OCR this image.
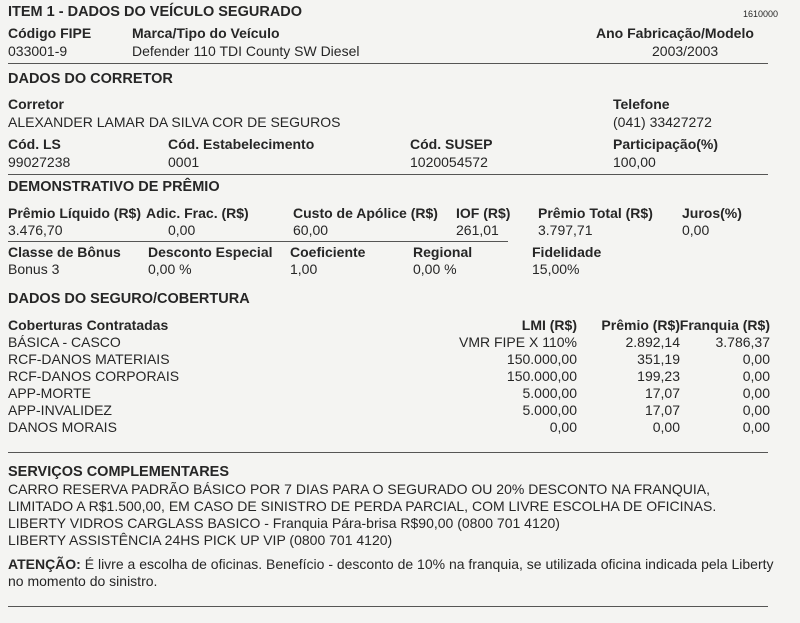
ITEM 1 - DADOS DO VEÍCULO SEGURADO	1610000
Código FIPE
033001-9
Marca/Tipo do Veículo
Defender 110 TDI County SW Diesel
Ano Fabricação/Modelo
2003/2003
DADOS DO CORRETOR
Corretor
ALEXANDER LAMAR DA SILVA COR DE SEGUROS
Telefone
(041) 33427272
Cód. LS
99027238
Cód. Estabelecimento
0001
Cód. SUSEP
1020054572
Participação(%)
100,00
DEMONSTRATIVO DE PRÊMIO
Prêmio Líquido (R$)
3.476,70
Adic. Frac. (R$)
0,00
Custo de Apólice (R$)
60,00
IOF (R$)
261,01
Prêmio Total (R$)
3.797,71
Juros(%)
0,00
Classe de Bônus
Bonus 3
Desconto Especial
0,00 %
Coeficiente
1,00
Regional
0,00 %
Fidelidade
15,00%
DADOS DO SEGURO/COBERTURA
Coberturas Contratadas	LMI (R$) Prêmio (R$) Franquia (R$)
BÁSICA - CASCO	VMR FIPE X 110%	2.892,14	3.786,37
RCF-DANOS MATERIAIS	150.000,00	351,19	0,00
RCF-DANOS CORPORAIS	150.000,00	199,23	0,00
APP-MORTE	5.000,00	17,07	0,00
APP-INVALIDEZ	5.000,00	17,07	0,00
DANOS MORAIS	0,00	0,00	0,00
SERVIÇOS COMPLEMENTARES
CARRO RESERVA PADRÃO BÁSICO POR 7 DIAS PARA O SEGURADO OU 20% DESCONTO NA FRANQUIA,
LIMITADO A R$1.500,00, EM CASO DE SINISTRO DE PERDA PARCIAL, COM LIVRE ESCOLHA DE OFICINAS.
LIBERTY VIDROS CARGLASS BASICO - Franquia Pára-brisa R$90,00 (0800 701 4120)
LIBERTY ASSISTÊNCIA 24HS PICK UP VIP (0800 701 4120)
ATENÇÃO: É livre a escolha de oficinas. Benefício - desconto de 10% na franquia, se utilizada oficina indicada pela Liberty no momento do sinistro.
